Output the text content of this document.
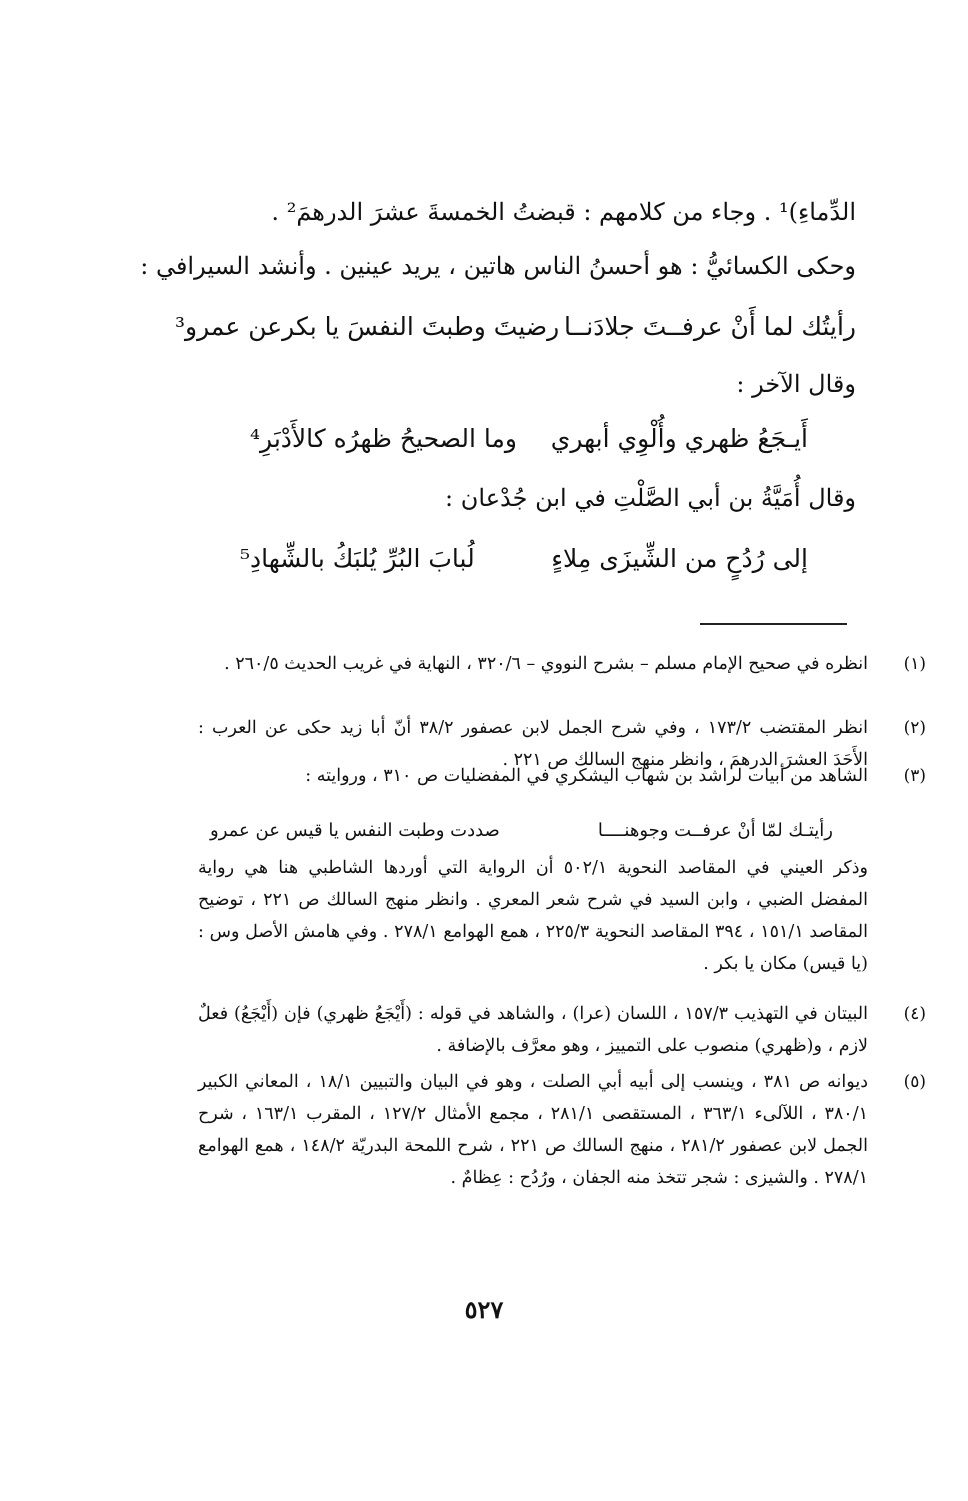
الدِّماءِ)¹ . وجاء من كلامهم : قبضتُ الخمسةَ عشرَ الدرهمَ² .
وحكى الكسائيُّ : هو أحسنُ الناس هاتين ، يريد عينين . وأنشد السيرافي :
رأيتُك لما أَنْ عرفــتَ جلادَنــا
رضيتَ وطبتَ النفسَ يا بكرعن عمرو³
وقال الآخر :
أَيـجَعُ ظهري وأُلْوِي أبهري
وما الصحيحُ ظهرُه كالأَدْبَرِ⁴
وقال أُمَيَّةُ بن أبي الصَّلْتِ في ابن جُدْعان :
إلى رُدُحٍ من الشِّيزَى مِلاءٍ
لُبابَ البُرِّ يُلبَكُ بالشِّهادِ⁵
(١)
انظره في صحيح الإمام مسلم – بشرح النووي – ٣٢٠/٦ ، النهاية في غريب الحديث ٢٦٠/٥ .
(٢)
انظر المقتضب ١٧٣/٢ ، وفي شرح الجمل لابن عصفور ٣٨/٢ أنّ أبا زيد حكى عن العرب : الأَحَدَ العشرَ الدرهمَ ، وانظر منهج السالك ص ٢٢١ .
(٣)
الشاهد من أبيات لراشد بن شهاب اليشكري في المفضليات ص ٣١٠ ، وروايته :
رأيتـك لمّا أنْ عرفــت وجوهنــــا
صددت وطبت النفس يا قيس عن عمرو
وذكر العيني في المقاصد النحوية ٥٠٢/١ أن الرواية التي أوردها الشاطبي هنا هي رواية المفضل الضبي ، وابن السيد في شرح شعر المعري . وانظر منهج السالك ص ٢٢١ ، توضيح المقاصد ١٥١/١ ، ٣٩٤ المقاصد النحوية ٢٢٥/٣ ، همع الهوامع ٢٧٨/١ . وفي هامش الأصل وس : (يا قيس) مكان يا بكر .
(٤)
البيتان في التهذيب ١٥٧/٣ ، اللسان (عرا) ، والشاهد في قوله : (أَيْجَعُ ظهري) فإن (أَيْجَعُ) فعلٌ لازم ، و(ظهري) منصوب على التمييز ، وهو معرَّف بالإضافة .
(٥)
ديوانه ص ٣٨١ ، وينسب إلى أبيه أبي الصلت ، وهو في البيان والتبيين ١٨/١ ، المعاني الكبير ٣٨٠/١ ، اللآلىء ٣٦٣/١ ، المستقصى ٢٨١/١ ، مجمع الأمثال ١٢٧/٢ ، المقرب ١٦٣/١ ، شرح الجمل لابن عصفور ٢٨١/٢ ، منهج السالك ص ٢٢١ ، شرح اللمحة البدريّة ١٤٨/٢ ، همع الهوامع ٢٧٨/١ . والشيزى : شجر تتخذ منه الجفان ، ورُدُح : عِظامٌ .
٥٢٧
